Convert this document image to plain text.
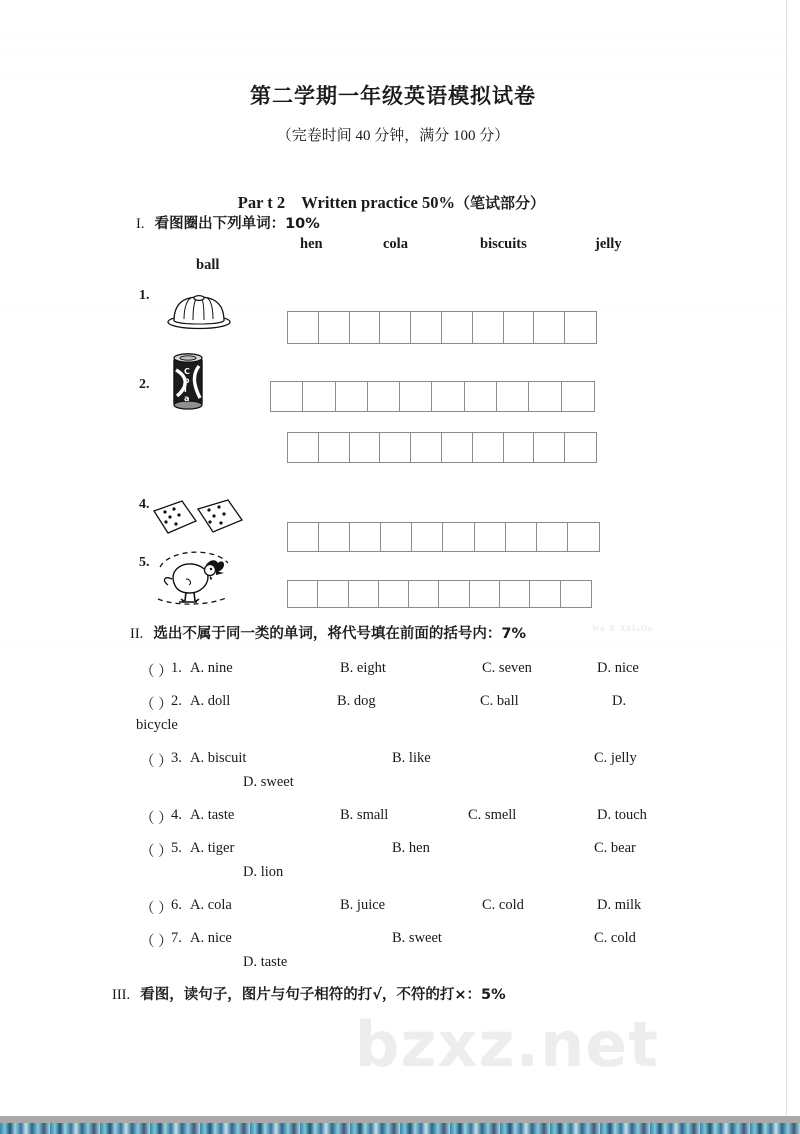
bzxz.net
Wo X XhIsOn
第二学期一年级英语模拟试卷
（完卷时间 40 分钟，满分 100 分）

Par t 2    Written practice 50%（笔试部分）

I. 看图圈出下列单词：10%
hen	cola	biscuits	jelly
ball
1.
2.
4.
5.
C
o
l
a
II. 选出不属于同一类的单词，将代号填在前面的括号内：7%
（ ）
1. A. nine	B. eight	C. seven	D. nice
（ ）
2. A. doll	B. dog	C. ball	D.
bicycle
（ ）
3. A. biscuit	B. like	C. jelly
D. sweet
（ ）
4. A. taste	B. small	C. smell	D. touch
（ ）
5. A. tiger	B. hen	C. bear
D. lion
（ ）
6. A. cola	B. juice	C. cold	D. milk
（ ）
7. A. nice	B. sweet	C. cold
D. taste
III. 看图，读句子，图片与句子相符的打√，不符的打×：5%
